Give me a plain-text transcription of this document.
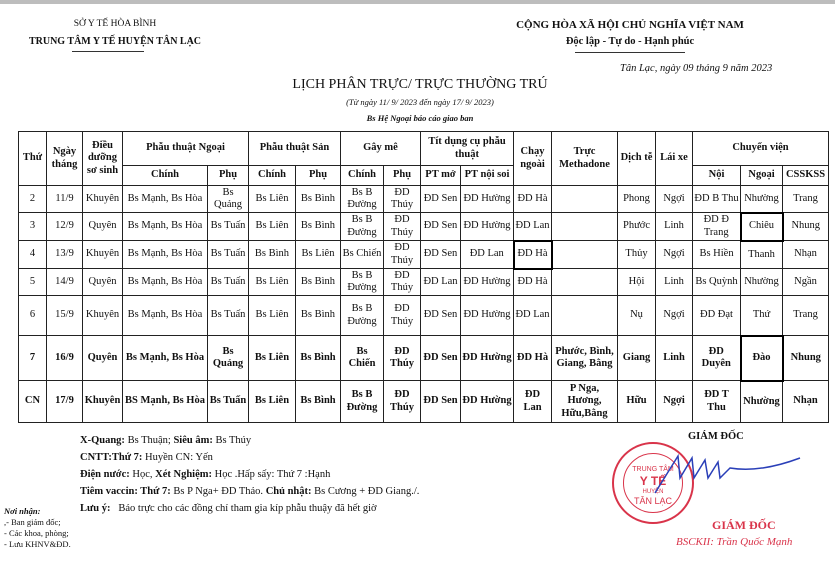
SỞ Y TẾ HÒA BÌNH
TRUNG TÂM Y TẾ HUYỆN TÂN LẠC
CỘNG HÒA XÃ HỘI CHỦ NGHĨA VIỆT NAM
Độc lập - Tự do - Hạnh phúc
Tân Lạc, ngày 09 tháng 9 năm 2023
LỊCH PHÂN TRỰC/ TRỰC THƯỜNG TRÚ
(Từ ngày 11/ 9/ 2023 đến ngày 17/ 9/ 2023)
Bs Hệ Ngoại báo cáo giao ban
Thứ	Ngày tháng	Điều dưỡng sơ sinh	Phẫu thuật Ngoại		Phẫu thuật Sản		Gây mê		Tít dụng cụ phẫu thuật		Chạy ngoài	Trực Methadone	Dịch tễ	Lái xe	Chuyển viện		
			Chính	Phụ	Chính	Phụ	Chính	Phụ	PT mở	PT nội soi					Nội	Ngoại	CSSKSS
2	11/9	Khuyên	Bs Mạnh, Bs Hòa	Bs Quảng	Bs Liên	Bs Bình	Bs B Đường	ĐD Thúy	ĐD Sen	ĐD Hường	ĐD Hà		Phong	Ngợi	ĐD B Thu	Nhường	Trang
3	12/9	Quyên	Bs Mạnh, Bs Hòa	Bs Tuấn	Bs Liên	Bs Bình	Bs B Đường	ĐD Thúy	ĐD Sen	ĐD Hường	ĐD Lan		Phước	Linh	ĐD Đ Trang	Chiêu	Nhung
4	13/9	Khuyên	Bs Mạnh, Bs Hòa	Bs Tuấn	Bs Bình	Bs Liên	Bs Chiến	ĐD Thúy	ĐD Sen	ĐD Lan	ĐD Hà		Thủy	Ngợi	Bs Hiền	Thanh	Nhạn
5	14/9	Quyên	Bs Mạnh, Bs Hòa	Bs Tuấn	Bs Liên	Bs Bình	Bs B Đường	ĐD Thúy	ĐD Lan	ĐD Hường	ĐD Hà		Hội	Linh	Bs Quỳnh	Nhường	Ngần
6	15/9	Khuyên	Bs Mạnh, Bs Hòa	Bs Tuấn	Bs Liên	Bs Bình	Bs B Đường	ĐD Thúy	ĐD Sen	ĐD Hường	ĐD Lan		Nụ	Ngợi	ĐD Đạt	Thứ	Trang
7	16/9	Quyên	Bs Mạnh, Bs Hòa	Bs Quảng	Bs Liên	Bs Bình	Bs Chiến	ĐD Thúy	ĐD Sen	ĐD Hường	ĐD Hà	Phước, Bình, Giang, Bằng	Giang	Linh	ĐD Duyên	Đào	Nhung
CN	17/9	Khuyên	BS Mạnh, Bs Hòa	Bs Tuấn	Bs Liên	Bs Bình	Bs B Đường	ĐD Thúy	ĐD Sen	ĐD Hường	ĐD Lan	P Nga, Hương, Hữu,Bằng	Hữu	Ngợi	ĐD T Thu	Nhường	Nhạn
X-Quang: Bs Thuận; Siêu âm: Bs Thúy
CNTT:Thứ 7: Huyền CN: Yến
Điện nước: Học, Xét Nghiệm: Học .Hấp sấy: Thứ 7 :Hạnh
Tiêm vaccin: Thứ 7: Bs P Nga+ ĐD Thảo. Chủ nhật: Bs Cương + ĐD Giang./.
Lưu ý:   Báo trực cho các đồng chí tham gia kíp phẫu thuậy đã hết giờ
Nơi nhận:
,- Ban giám đốc;
- Các khoa, phòng;
- Lưu KHNV&ĐD.
GIÁM ĐỐC
TRUNG TÂM
Y TẾ
HUYỆN
TÂN LẠC
GIÁM ĐỐC
BSCKII: Trần Quốc Mạnh
